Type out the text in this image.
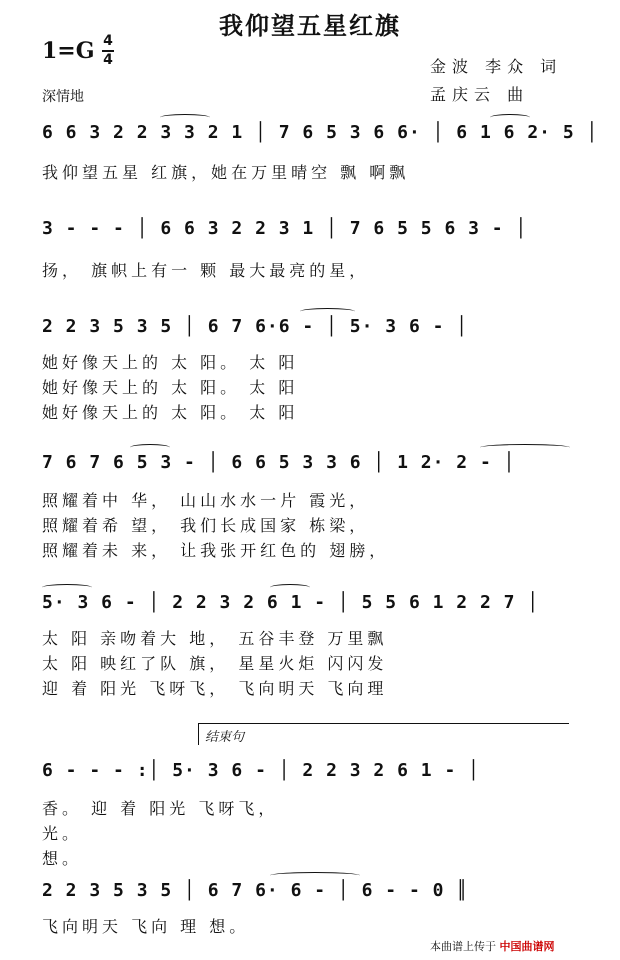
我仰望五星红旗
1=G 4
4
深情地
金波 李众 词
孟庆云 曲
6 6 3 2 2 3 3 2 1 │ 7 6 5 3 6 6· │ 6 1 6 2· 5 │
我仰望五星 红旗，她在万里晴空 飘 啊飘
3 - - - │ 6 6 3 2 2 3 1 │ 7 6 5 5 6 3 - │
扬， 旗帜上有一 颗 最大最亮的星，
2 2 3 5 3 5 │ 6 7 6·6 - │ 5· 3 6 - │
她好像天上的 太 阳。 太 阳
她好像天上的 太 阳。 太 阳
她好像天上的 太 阳。 太 阳
7 6 7 6 5 3 - │ 6 6 5 3 3 6 │ 1 2· 2 - │
照耀着中 华， 山山水水一片 霞光，
照耀着希 望， 我们长成国家 栋梁，
照耀着未 来， 让我张开红色的 翅膀，
5· 3 6 - │ 2 2 3 2 6 1 - │ 5 5 6 1 2 2 7 │
太 阳 亲吻着大 地， 五谷丰登 万里飘
太 阳 映红了队 旗， 星星火炬 闪闪发
迎 着 阳光 飞呀飞， 飞向明天 飞向理
结束句
6 - - - :│ 5· 3 6 - │ 2 2 3 2 6 1 - │
香。 迎 着 阳光 飞呀飞，
光。
想。
2 2 3 5 3 5 │ 6 7 6· 6 - │ 6 - - 0 ║
飞向明天 飞向 理 想。
本曲谱上传于 中国曲谱网
